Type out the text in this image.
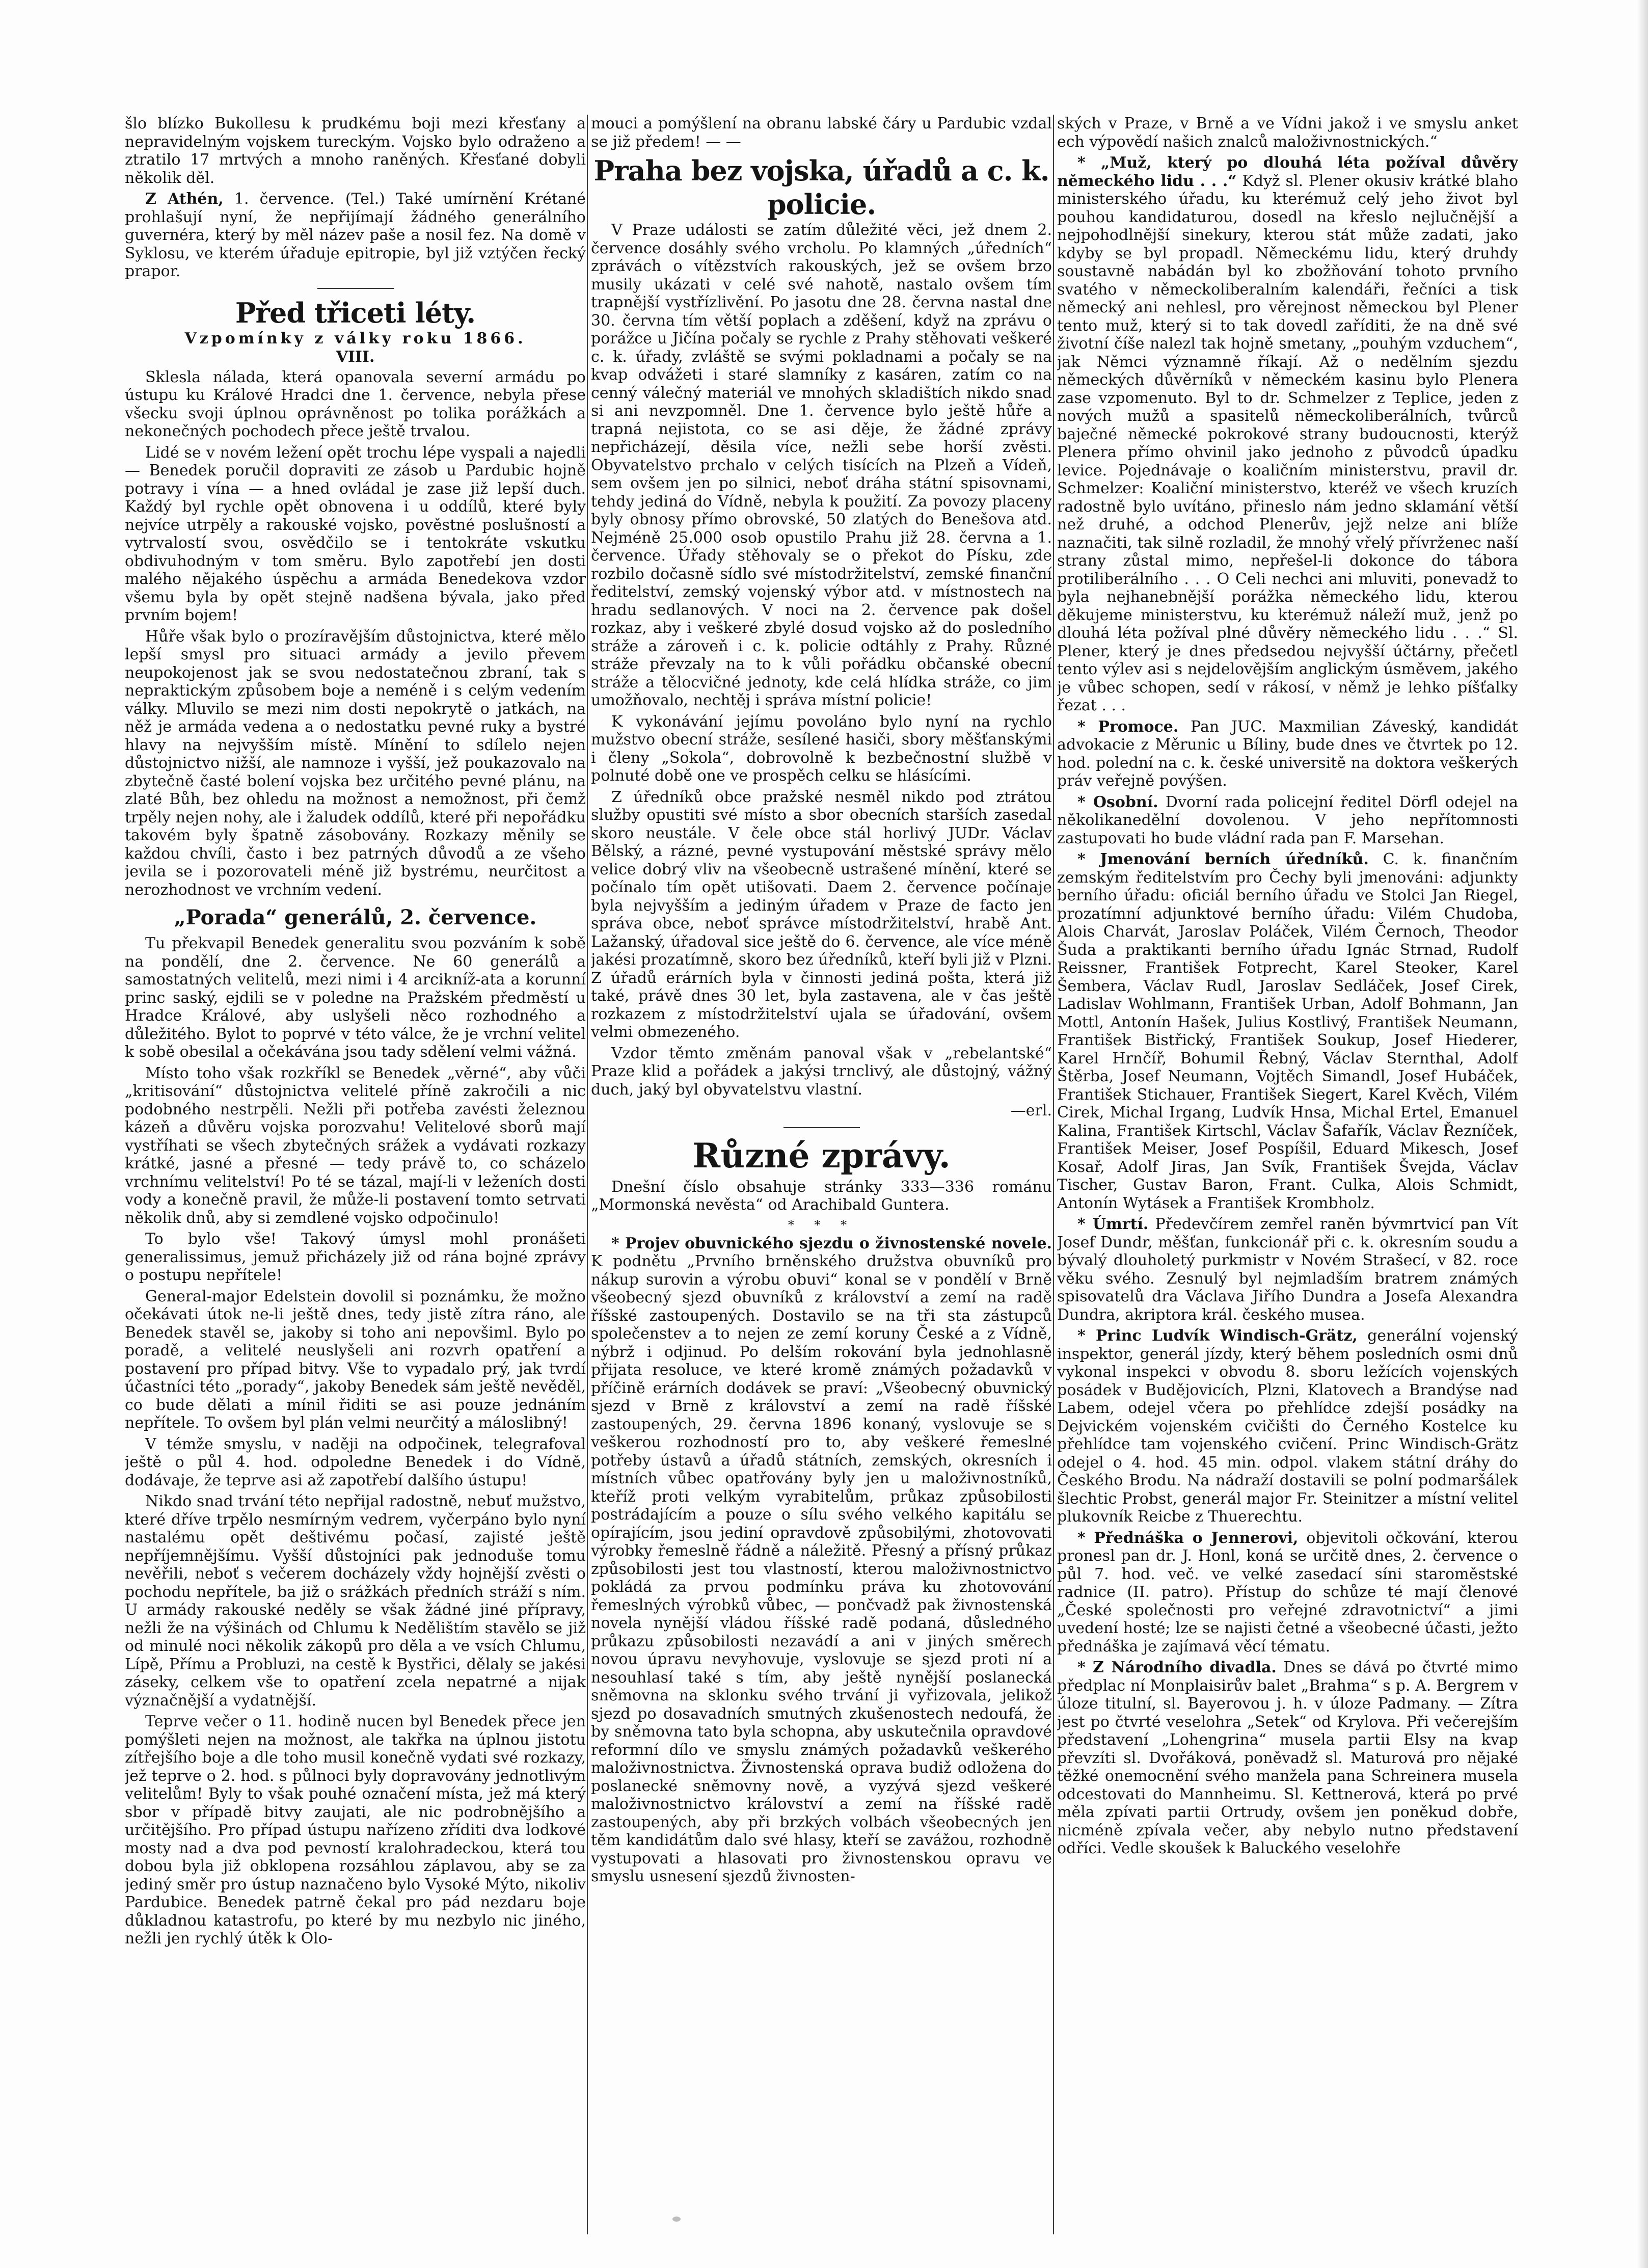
šlo blízko Bukollesu k prudkému boji mezi křesťany a nepravidelným vojskem tureckým. Vojsko bylo odraženo a ztratilo 17 mrtvých a mnoho raněných. Křesťané dobyli několik děl.

Z Athén, 1. července. (Tel.) Také umírnění Krétané prohlašují nyní, že nepřijímají žádného generálního guvernéra, který by měl název paše a nosil fez. Na domě v Syklosu, ve kterém úřaduje epitropie, byl již vztýčen řecký prapor.

Před třiceti léty.
Vzpomínky z války roku 1866.
VIII.

Sklesla nálada, která opanovala severní armádu po ústupu ku Králové Hradci dne 1. července, nebyla přese všecku svoji úplnou oprávněnost po tolika porážkách a nekonečných pochodech přece ještě trvalou.

Lidé se v novém ležení opět trochu lépe vyspali a najedli — Benedek poručil dopraviti ze zásob u Pardubic hojně potravy i vína — a hned ovládal je zase již lepší duch. Každý byl rychle opět obnovena i u oddílů, které byly nejvíce utrpěly a rakouské vojsko, pověstné poslušností a vytrvalostí svou, osvědčilo se i tentokráte vskutku obdivuhodným v tom směru. Bylo zapotřebí jen dosti malého nějakého úspěchu a armáda Benedekova vzdor všemu byla by opět stejně nadšena bývala, jako před prvním bojem!

Hůře však bylo o prozíravějším důstojnictva, které mělo lepší smysl pro situaci armády a jevilo převem neupokojenost jak se svou nedostatečnou zbraní, tak s nepraktickým způsobem boje a neméně i s celým vedením války. Mluvilo se mezi nim dosti nepokrytě o jatkách, na něž je armáda vedena a o nedostatku pevné ruky a bystré hlavy na nejvyšším místě. Mínění to sdílelo nejen důstojnictvo nižší, ale namnoze i vyšší, jež poukazovalo na zbytečně časté bolení vojska bez určitého pevné plánu, na zlaté Bůh, bez ohledu na možnost a nemožnost, při čemž trpěly nejen nohy, ale i žaludek oddílů, které při nepořádku takovém byly špatně zásobovány. Rozkazy měnily se každou chvíli, často i bez patrných důvodů a ze všeho jevila se i pozorovateli méně již bystrému, neurčitost a nerozhodnost ve vrchním vedení.

„Porada“ generálů, 2. července.

Tu překvapil Benedek generalitu svou pozváním k sobě na pondělí, dne 2. července. Ne 60 generálů a samostatných velitelů, mezi nimi i 4 arcikníž-ata a korunní princ saský, ejdili se v poledne na Pražském předměstí u Hradce Králové, aby uslyšeli něco rozhodného a důležitého. Bylot to poprvé v této válce, že je vrchní velitel k sobě obesilal a očekávána jsou tady sdělení velmi vážná.

Místo toho však rozkříkl se Benedek „věrné“, aby vůči „kritisování“ důstojnictva velitelé příně zakročili a nic podobného nestrpěli. Nežli při potřeba zavésti železnou kázeň a důvěru vojska porozvahu! Velitelové sborů mají vystříhati se všech zbytečných srážek a vydávati rozkazy krátké, jasné a přesné — tedy právě to, co scházelo vrchnímu velitelství! Po té se tázal, mají-li v leženích dosti vody a konečně pravil, že může-li postavení tomto setrvati několik dnů, aby si zemdlené vojsko odpočinulo!

To bylo vše! Takový úmysl mohl pronášeti generalissimus, jemuž přicházely již od rána bojné zprávy o postupu nepřítele!

General-major Edelstein dovolil si poznámku, že možno očekávati útok ne-li ještě dnes, tedy jistě zítra ráno, ale Benedek stavěl se, jakoby si toho ani nepovšiml. Bylo po poradě, a velitelé neuslyšeli ani rozvrh opatření a postavení pro případ bitvy. Vše to vypadalo prý, jak tvrdí účastníci této „porady“, jakoby Benedek sám ještě nevěděl, co bude dělati a mínil řiditi se asi pouze jednáním nepřítele. To ovšem byl plán velmi neurčitý a máloslibný!

V témže smyslu, v naději na odpočinek, telegrafoval ještě o půl 4. hod. odpoledne Benedek i do Vídně, dodávaje, že teprve asi až zapotřebí dalšího ústupu!

Nikdo snad trvání této nepřijal radostně, nebuť mužstvo, které dříve trpělo nesmírným vedrem, vyčerpáno bylo nyní nastalému opět deštivému počasí, zajisté ještě nepříjemnějšímu. Vyšší důstojníci pak jednoduše tomu nevěřili, neboť s večerem docházely vždy hojnější zvěsti o pochodu nepřítele, ba již o srážkách předních stráží s ním. U armády rakouské neděly se však žádné jiné přípravy, nežli že na výšinách od Chlumu k Nedělištím stavělo se již od minulé noci několik zákopů pro děla a ve vsích Chlumu, Lípě, Přímu a Probluzi, na cestě k Bystřici, dělaly se jakési záseky, celkem vše to opatření zcela nepatrné a nijak význačnější a vydatnější.

Teprve večer o 11. hodině nucen byl Benedek přece jen pomýšleti nejen na možnost, ale takřka na úplnou jistotu zítřejšího boje a dle toho musil konečně vydati své rozkazy, jež teprve o 2. hod. s půlnoci byly dopravovány jednotlivým velitelům! Byly to však pouhé označení místa, jež má který sbor v případě bitvy zaujati, ale nic podrobnějšího a určitějšího. Pro případ ústupu nařízeno zříditi dva lodkové mosty nad a dva pod pevností kralohradeckou, která tou dobou byla již obklopena rozsáhlou záplavou, aby se za jediný směr pro ústup naznačeno bylo Vysoké Mýto, nikoliv Pardubice. Benedek patrně čekal pro pád nezdaru boje důkladnou katastrofu, po které by mu nezbylo nic jiného, nežli jen rychlý útěk k Olo-

mouci a pomýšlení na obranu labské čáry u Pardubic vzdal se již předem! — —

Praha bez vojska, úřadů a c. k. policie.

V Praze události se zatím důležité věci, jež dnem 2. července dosáhly svého vrcholu. Po klamných „úředních“ zprávách o vítězstvích rakouských, jež se ovšem brzo musily ukázati v celé své nahotě, nastalo ovšem tím trapnější vystřízlivění. Po jasotu dne 28. června nastal dne 30. června tím větší poplach a zděšení, když na zprávu o porážce u Jičína počaly se rychle z Prahy stěhovati veškeré c. k. úřady, zvláště se svými pokladnami a počaly se na kvap odvážeti i staré slamníky z kasáren, zatím co na cenný válečný materiál ve mnohých skladištích nikdo snad si ani nevzpomněl. Dne 1. července bylo ještě hůře a trapná nejistota, co se asi děje, že žádné zprávy nepřicházejí, děsila více, nežli sebe horší zvěsti. Obyvatelstvo prchalo v celých tisících na Plzeň a Vídeň, sem ovšem jen po silnici, neboť dráha státní spisovnami, tehdy jediná do Vídně, nebyla k použití. Za povozy placeny byly obnosy přímo obrovské, 50 zlatých do Benešova atd. Nejméně 25.000 osob opustilo Prahu již 28. června a 1. července. Úřady stěhovaly se o překot do Písku, zde rozbilo dočasně sídlo své místodržitelství, zemské finanční ředitelství, zemský vojenský výbor atd. v místnostech na hradu sedlanových. V noci na 2. července pak došel rozkaz, aby i veškeré zbylé dosud vojsko až do posledního stráže a zároveň i c. k. policie odtáhly z Prahy. Různé stráže převzaly na to k vůli pořádku občanské obecní stráže a tělocvičné jednoty, kde celá hlídka stráže, co jim umožňovalo, nechtěj i správa místní policie!

K vykonávání jejímu povoláno bylo nyní na rychlo mužstvo obecní stráže, sesílené hasiči, sbory měšťanskými i členy „Sokola“, dobrovolně k bezbečnostní službě v polnuté době one ve prospěch celku se hlásícími.

Z úředníků obce pražské nesměl nikdo pod ztrátou služby opustiti své místo a sbor obecních starších zasedal skoro neustále. V čele obce stál horlivý JUDr. Václav Bělský, a rázné, pevné vystupování městské správy mělo velice dobrý vliv na všeobecně ustrašené mínění, které se počínalo tím opět utišovati. Daem 2. července počínaje byla nejvyšším a jediným úřadem v Praze de facto jen správa obce, neboť správce místodržitelství, hrabě Ant. Lažanský, úřadoval sice ještě do 6. července, ale více méně jakési prozatímně, skoro bez úředníků, kteří byli již v Plzni. Z úřadů erárních byla v činnosti jediná pošta, která již také, právě dnes 30 let, byla zastavena, ale v čas ještě rozkazem z místodržitelství ujala se úřadování, ovšem velmi obmezeného.

Vzdor těmto změnám panoval však v „rebelantské“ Praze klid a pořádek a jakýsi trnclivý, ale důstojný, vážný duch, jaký byl obyvatelstvu vlastní.

—erl.

Různé zprávy.

Dnešní číslo obsahuje stránky 333—336 románu „Mormonská nevěsta“ od Arachibald Guntera.

* * *

* Projev obuvnického sjezdu o živnostenské novele. K podnětu „Prvního brněnského družstva obuvníků pro nákup surovin a výrobu obuvi“ konal se v pondělí v Brně všeobecný sjezd obuvníků z království a zemí na radě říšské zastoupených. Dostavilo se na tři sta zástupců společenstev a to nejen ze zemí koruny České a z Vídně, nýbrž i odjinud. Po delším rokování byla jednohlasně přijata resoluce, ve které kromě známých požadavků v příčině erárních dodávek se praví: „Všeobecný obuvnický sjezd v Brně z království a zemí na radě říšské zastoupených, 29. června 1896 konaný, vyslovuje se s veškerou rozhodností pro to, aby veškeré řemeslné potřeby ústavů a úřadů státních, zemských, okresních i místních vůbec opatřovány byly jen u maloživnostníků, kteříž proti velkým vyrabitelům, průkaz způsobilosti postrádajícím a pouze o sílu svého velkého kapitálu se opírajícím, jsou jediní opravdově způsobilými, zhotovovati výrobky řemeslně řádně a náležitě. Přesný a přísný průkaz způsobilosti jest tou vlastností, kterou maloživnostnictvo pokládá za prvou podmínku práva ku zhotovování řemeslných výrobků vůbec, — pončvadž pak živnostenská novela nynější vládou říšské radě podaná, důsledného průkazu způsobilosti nezavádí a ani v jiných směrech novou úpravu nevyhovuje, vyslovuje se sjezd proti ní a nesouhlasí také s tím, aby ještě nynější poslanecká sněmovna na sklonku svého trvání ji vyřizovala, jelikož sjezd po dosavadních smutných zkušenostech nedoufá, že by sněmovna tato byla schopna, aby uskutečnila opravdové reformní dílo ve smyslu známých požadavků veškerého maloživnostnictva. Živnostenská oprava budiž odložena do poslanecké sněmovny nově, a vyzývá sjezd veškeré maloživnostnictvo království a zemí na říšské radě zastoupených, aby při brzkých volbách všeobecných jen těm kandidátům dalo své hlasy, kteří se zavážou, rozhodně vystupovati a hlasovati pro živnostenskou opravu ve smyslu usnesení sjezdů živnosten-

ských v Praze, v Brně a ve Vídni jakož i ve smyslu anket ech výpovědí našich znalců maloživnostnických.“

* „Muž, který po dlouhá léta požíval důvěry německého lidu . . .“ Když sl. Plener okusiv krátké blaho ministerského úřadu, ku kterémuž celý jeho život byl pouhou kandidaturou, dosedl na křeslo nejlučnější a nejpohodlnější sinekury, kterou stát může zadati, jako kdyby se byl propadl. Německému lidu, který druhdy soustavně nabádán byl ko zbožňování tohoto prvního svatého v německoliberalním kalendáři, řečníci a tisk německý ani nehlesl, pro věrejnost německou byl Plener tento muž, který si to tak dovedl zaříditi, že na dně své životní číše nalezl tak hojně smetany, „pouhým vzduchem“, jak Němci významně říkají. Až o nedělním sjezdu německých důvěrníků v německém kasinu bylo Plenera zase vzpomenuto. Byl to dr. Schmelzer z Teplice, jeden z nových mužů a spasitelů německoliberálních, tvůrců baječné německé pokrokové strany budoucnosti, kterýž Plenera přímo ohvinil jako jednoho z původců úpadku levice. Pojednávaje o koaličním ministerstvu, pravil dr. Schmelzer: Koaliční ministerstvo, kteréž ve všech kruzích radostně bylo uvítáno, přineslo nám jedno sklamání větší než druhé, a odchod Plenerův, jejž nelze ani blíže naznačiti, tak silně rozladil, že mnohý vřelý přívrženec naší strany zůstal mimo, nepřešel-li dokonce do tábora protiliberálního . . . O Celi nechci ani mluviti, ponevadž to byla nejhanebnější porážka německého lidu, kterou děkujeme ministerstvu, ku kterémuž náleží muž, jenž po dlouhá léta požíval plné důvěry německého lidu . . .“ Sl. Plener, který je dnes předsedou nejvyšší účtárny, přečetl tento výlev asi s nejdelovějším anglickým úsměvem, jakého je vůbec schopen, sedí v rákosí, v němž je lehko píšťalky řezat . . .

* Promoce. Pan JUC. Maxmilian Záveský, kandidát advokacie z Měrunic u Bíliny, bude dnes ve čtvrtek po 12. hod. polední na c. k. české universitě na doktora veškerých práv veřejně povýšen.

* Osobní. Dvorní rada policejní ředitel Dörfl odejel na několikanedělní dovolenou. V jeho nepřítomnosti zastupovati ho bude vládní rada pan F. Marsehan.

* Jmenování berních úředníků. C. k. finančním zemským ředitelstvím pro Čechy byli jmenováni: adjunkty berního úřadu: oficiál berního úřadu ve Stolci Jan Riegel, prozatímní adjunktové berního úřadu: Vilém Chudoba, Alois Charvát, Jaroslav Poláček, Vilém Černoch, Theodor Šuda a praktikanti berního úřadu Ignác Strnad, Rudolf Reissner, František Fotprecht, Karel Steoker, Karel Šembera, Václav Rudl, Jaroslav Sedláček, Josef Cirek, Ladislav Wohlmann, František Urban, Adolf Bohmann, Jan Mottl, Antonín Hašek, Julius Kostlivý, František Neumann, František Bistřický, František Soukup, Josef Hiederer, Karel Hrnčíř, Bohumil Řebný, Václav Sternthal, Adolf Štěrba, Josef Neumann, Vojtěch Simandl, Josef Hubáček, František Stichauer, František Siegert, Karel Kvěch, Vilém Cirek, Michal Irgang, Ludvík Hnsa, Michal Ertel, Emanuel Kalina, František Kirtschl, Václav Šafařík, Václav Řezníček, František Meiser, Josef Pospíšil, Eduard Mikesch, Josef Kosař, Adolf Jiras, Jan Svík, František Švejda, Václav Tischer, Gustav Baron, Frant. Culka, Alois Schmidt, Antonín Wytásek a František Krombholz.

* Úmrtí. Předevčírem zemřel raněn bývmrtvicí pan Vít Josef Dundr, měšťan, funkcionář při c. k. okresním soudu a bývalý dlouholetý purkmistr v Novém Strašecí, v 82. roce věku svého. Zesnulý byl nejmladším bratrem známých spisovatelů dra Václava Jiřího Dundra a Josefa Alexandra Dundra, akriptora král. českého musea.

* Princ Ludvík Windisch-Grätz, generální vojenský inspektor, generál jízdy, který během posledních osmi dnů vykonal inspekci v obvodu 8. sboru ležících vojenských posádek v Budějovicích, Plzni, Klatovech a Brandýse nad Labem, odejel včera po přehlídce zdejší posádky na Dejvickém vojenském cvičišti do Černého Kostelce ku přehlídce tam vojenského cvičení. Princ Windisch-Grätz odejel o 4. hod. 45 min. odpol. vlakem státní dráhy do Českého Brodu. Na nádraží dostavili se polní podmaršálek šlechtic Probst, generál major Fr. Steinitzer a místní velitel plukovník Reicbe z Thuerechtu.

* Přednáška o Jennerovi, objevitoli očkování, kterou pronesl pan dr. J. Honl, koná se určitě dnes, 2. července o půl 7. hod. več. ve velké zasedací síni staroměstské radnice (II. patro). Přístup do schůze té mají členové „České společnosti pro veřejné zdravotnictví“ a jimi uvedení hosté; lze se najisti četné a všeobecné účasti, ježto přednáška je zajímavá věcí tématu.

* Z Národního divadla. Dnes se dává po čtvrté mimo předplac ní Monplaisirův balet „Brahma“ s p. A. Bergrem v úloze titulní, sl. Bayerovou j. h. v úloze Padmany. — Zítra jest po čtvrté veselohra „Setek“ od Krylova. Při večerejším představení „Lohengrina“ musela partii Elsy na kvap převzíti sl. Dvořáková, poněvadž sl. Maturová pro nějaké těžké onemocnění svého manžela pana Schreinera musela odcestovati do Mannheimu. Sl. Kettnerová, která po prvé měla zpívati partii Ortrudy, ovšem jen poněkud dobře, nicméně zpívala večer, aby nebylo nutno představení odříci. Vedle skoušek k Baluckého veselohře
